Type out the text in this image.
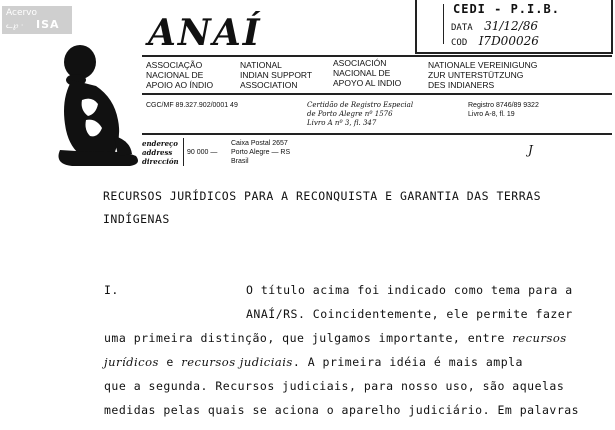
Acervo
ᓚ℘ · ISA
CEDI - P.I.B.
DATA 31/12/86
COD I7D00026
ANAÍ
ASSOCIAÇÃO
NACIONAL DE
APOIO AO ÍNDIO
NATIONAL
INDIAN SUPPORT
ASSOCIATION
ASOCIACIÓN
NACIONAL DE
APOYO AL INDIO
NATIONALE VEREINIGUNG
ZUR UNTERSTÜTZUNG
DES INDIANERS
CGC/MF 89.327.902/0001 49	Certidão de Registro Especial
de Porto Alegre nº 1576
Livro A nº 3, fl. 347
Registro 8746/89 9322
Livro A-8, fl. 19
endereço
address
dirección
90 000 —
Caixa Postal 2657
Porto Alegre — RS
Brasil
J
RECURSOS JURÍDICOS PARA A RECONQUISTA E GARANTIA DAS TERRAS
INDÍGENAS
I.	O título acima foi indicado como tema para a
ANAÍ/RS. Coincidentemente, ele permite fazer
uma primeira distinção, que julgamos importante, entre recursos
jurídicos e recursos judiciais. A primeira idéia é mais ampla
que a segunda. Recursos judiciais, para nosso uso, são aquelas
medidas pelas quais se aciona o aparelho judiciário. Em palavras
